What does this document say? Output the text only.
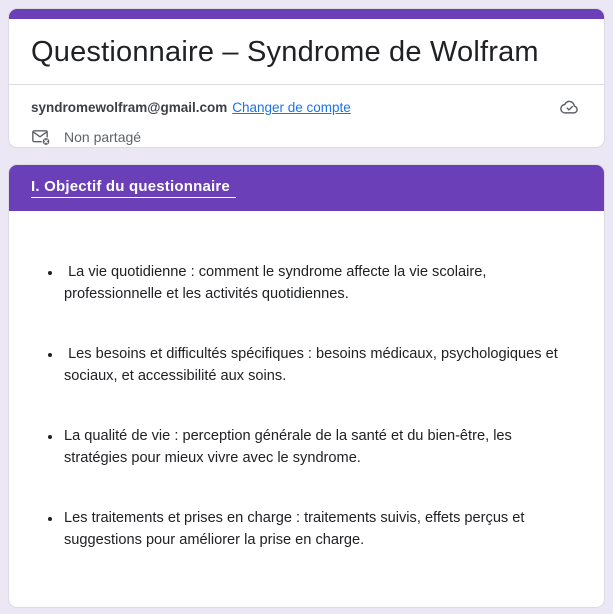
Questionnaire – Syndrome de Wolfram
syndromewolfram@gmail.com Changer de compte
Non partagé
I. Objectif du questionnaire
•  La vie quotidienne : comment le syndrome affecte la vie scolaire, professionnelle et les activités quotidiennes.
•  Les besoins et difficultés spécifiques : besoins médicaux, psychologiques et sociaux, et accessibilité aux soins.
• La qualité de vie : perception générale de la santé et du bien-être, les stratégies pour mieux vivre avec le syndrome.
• Les traitements et prises en charge : traitements suivis, effets perçus et suggestions pour améliorer la prise en charge.
